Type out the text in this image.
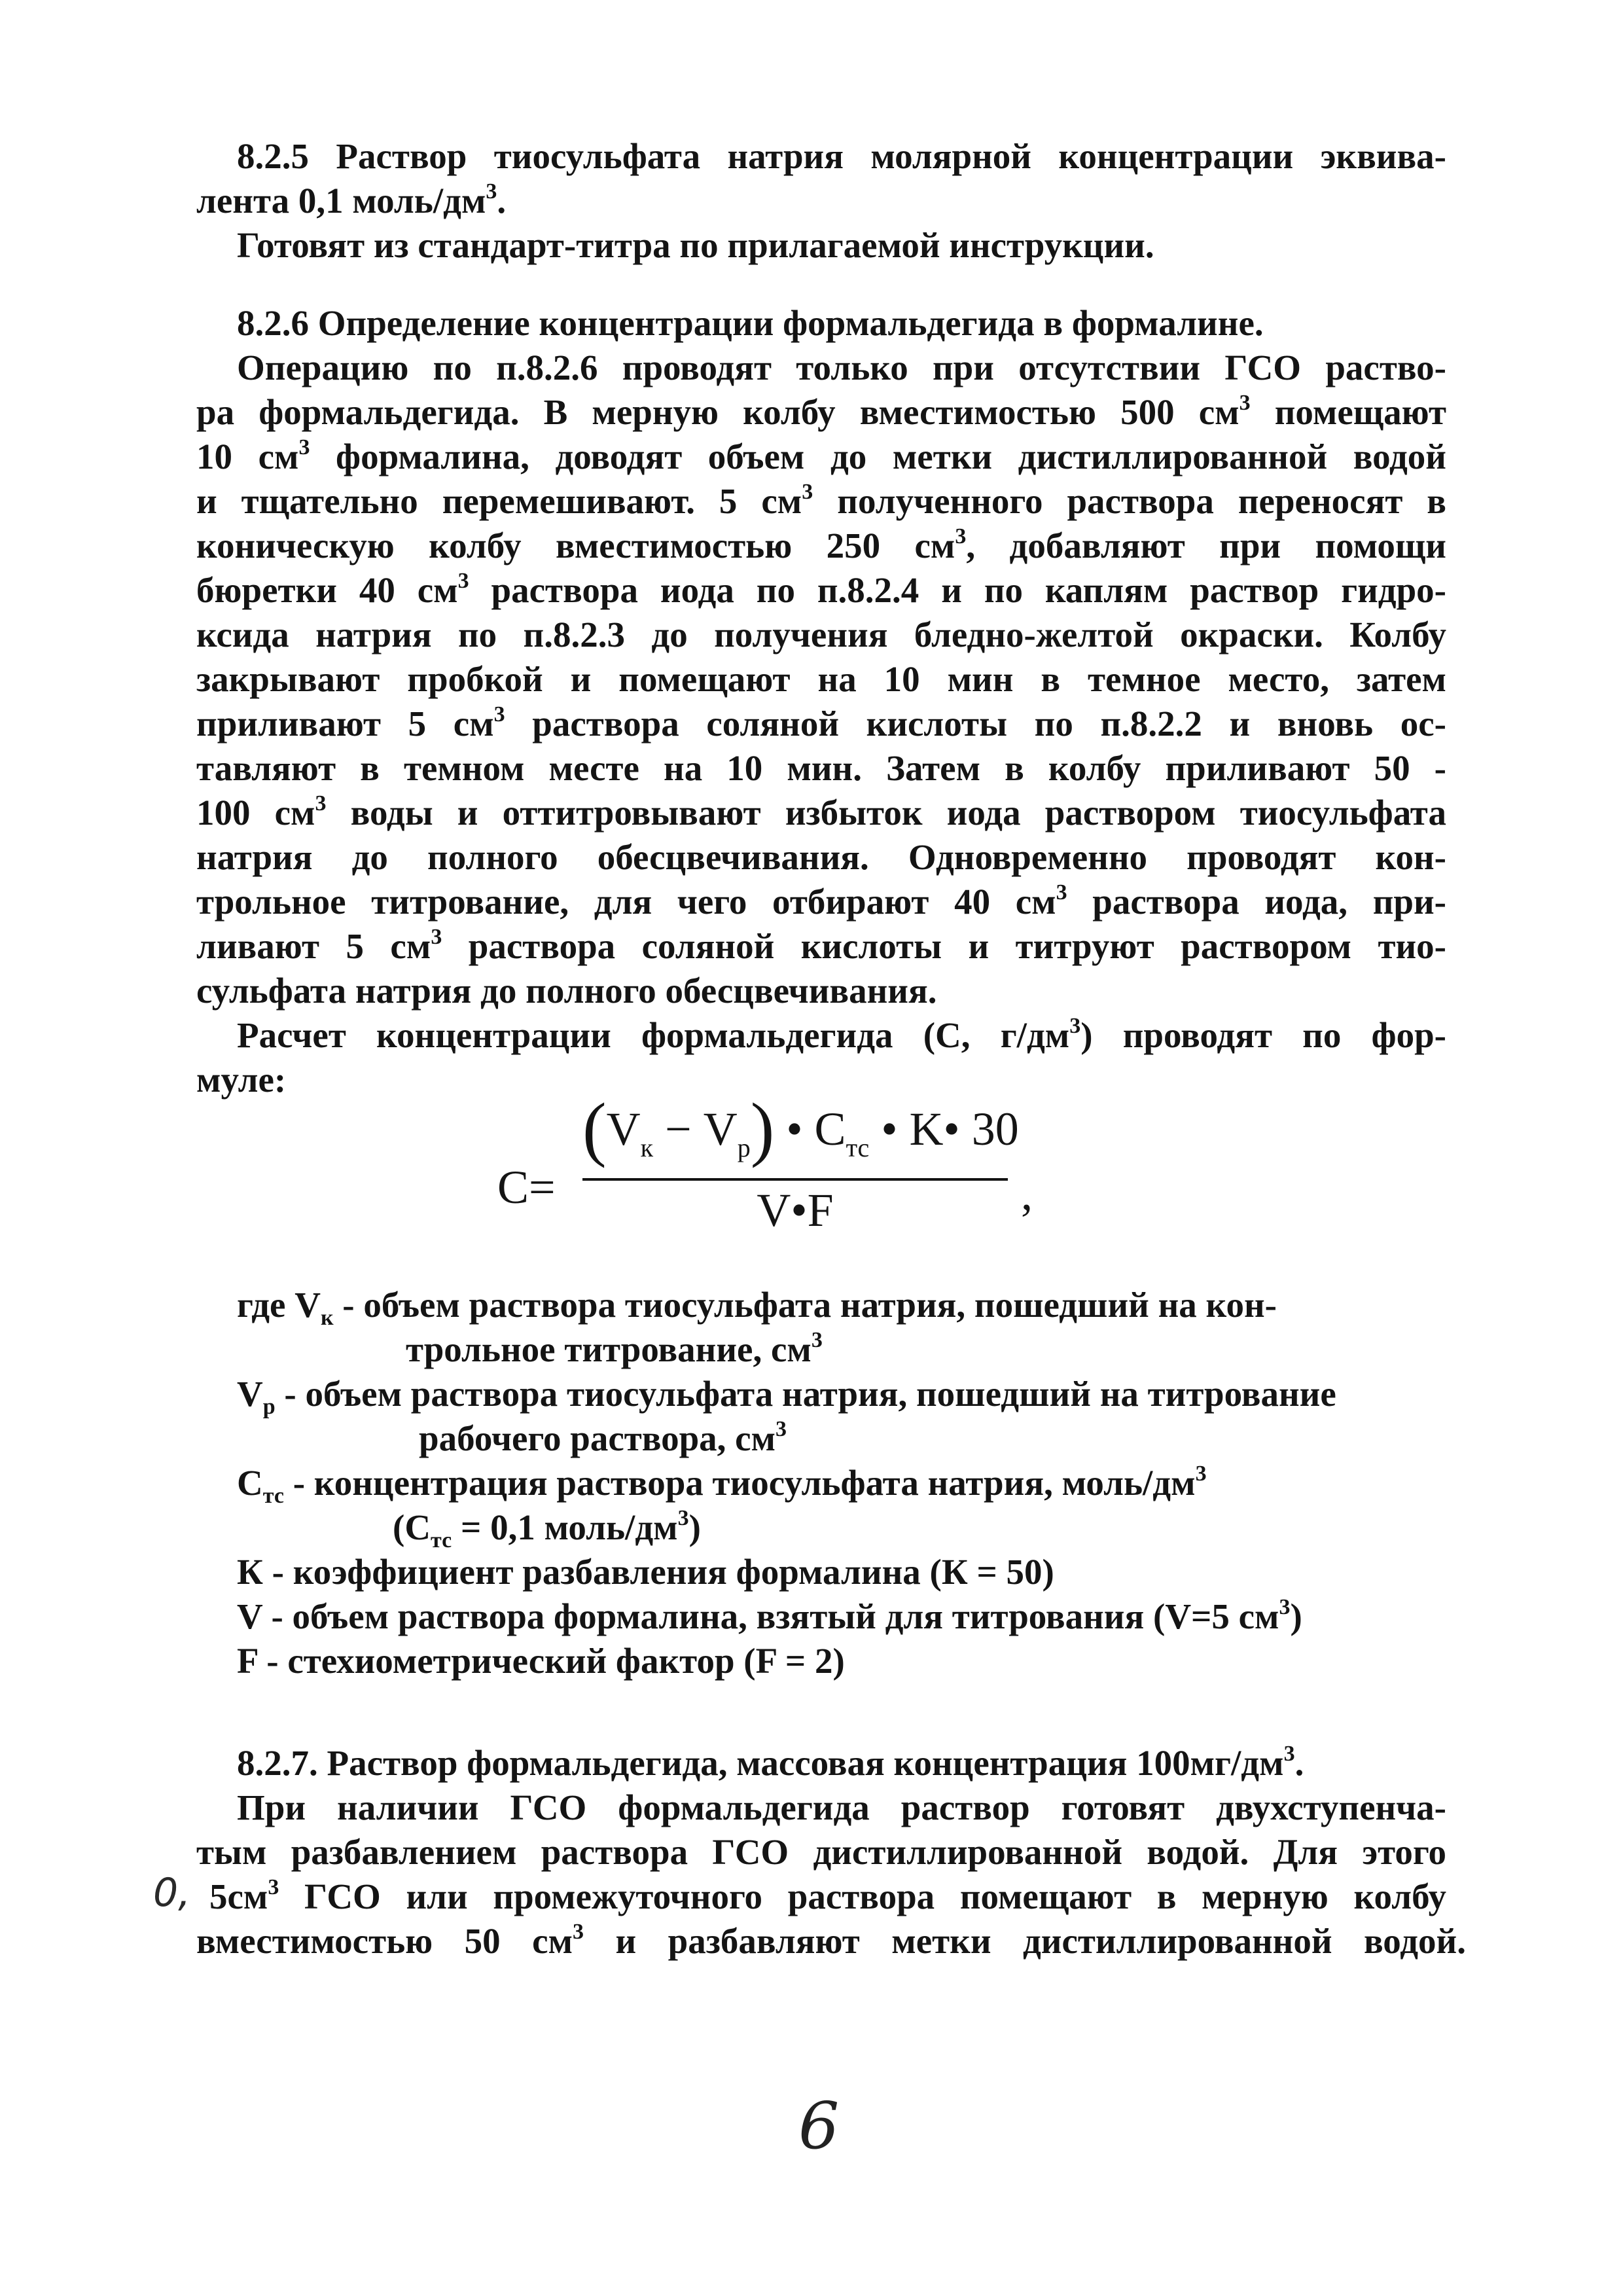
8.2.5 Раствор тиосульфата натрия молярной концентрации эквива-
лента 0,1 моль/$дм^3$.
Готовят из стандарт-титра по прилагаемой инструкции.
8.2.6 Определение концентрации формальдегида в формалине.
Операцию по п.8.2.6 проводят только при отсутствии ГСО раство-
ра формальдегида. В мерную колбу вместимостью 500 $см^3$ помещают
10 $см^3$ формалина, доводят объем до метки дистиллированной водой
и тщательно перемешивают. 5 $см^3$ полученного раствора переносят в
коническую колбу вместимостью 250 $см^3$, добавляют при помощи
бюретки 40 $см^3$ раствора иода по п.8.2.4 и по каплям раствор гидро-
ксида натрия по п.8.2.3 до получения бледно-желтой окраски. Колбу
закрывают пробкой и помещают на 10 мин в темное место, затем
приливают 5 $см^3$ раствора соляной кислоты по п.8.2.2 и вновь ос-
тавляют в темном месте на 10 мин. Затем в колбу приливают 50 -
100 $см^3$ воды и оттитровывают избыток иода раствором тиосульфата
натрия до полного обесцвечивания. Одновременно проводят кон-
трольное титрование, для чего отбирают 40 $см^3$ раствора иода, при-
ливают 5 $см^3$ раствора соляной кислоты и титруют раствором тио-
сульфата натрия до полного обесцвечивания.
Расчет концентрации формальдегида (С, $г/дм^3$) проводят по фор-
муле:
C=
$(V_к - V_р)$ • $C_{тс}$ • K• 30
V•F	,
где $V_к$ - объем раствора тиосульфата натрия, пошедший на кон-
трольное титрование, $см^3$
$V_р$ - объем раствора тиосульфата натрия, пошедший на титрование
рабочего раствора, $см^3$
$С_{тс}$ - концентрация раствора тиосульфата натрия, моль/$дм^3$
($С_{тс} = 0,1$ моль/$дм^3$)
К - коэффициент разбавления формалина (К = 50)
V - объем раствора формалина, взятый для титрования (V=5 $см^3$)
F - стехиометрический фактор (F = 2)
8.2.7. Раствор формальдегида, массовая концентрация $100мг/дм^3$.
При наличии ГСО формальдегида раствор готовят двухступенча-
тым разбавлением раствора ГСО дистиллированной водой. Для этого
$5см^3$ ГСО или промежуточного раствора помещают в мерную колбу
вместимостью 50 $см^3$ и разбавляют метки дистиллированной водой.
0,
6
